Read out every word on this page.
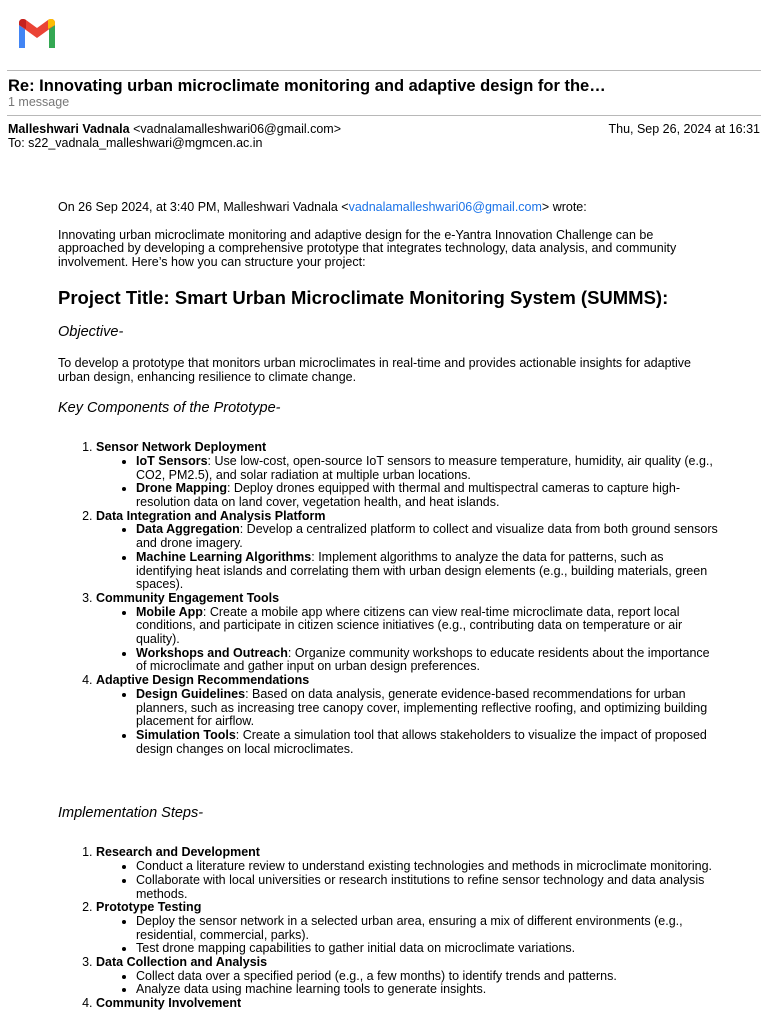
Re: Innovating urban microclimate monitoring and adaptive design for the…
1 message
Malleshwari Vadnala <vadnalamalleshwari06@gmail.com>	Thu, Sep 26, 2024 at 16:31
To: s22_vadnala_malleshwari@mgmcen.ac.in

On 26 Sep 2024, at 3:40 PM, Malleshwari Vadnala <vadnalamalleshwari06@gmail.com> wrote:

Innovating urban microclimate monitoring and adaptive design for the e-Yantra Innovation Challenge can be approached by developing a comprehensive prototype that integrates technology, data analysis, and community involvement. Here’s how you can structure your project:

Project Title: Smart Urban Microclimate Monitoring System (SUMMS):
Objective-

To develop a prototype that monitors urban microclimates in real-time and provides actionable insights for adaptive urban design, enhancing resilience to climate change.

Key Components of the Prototype-
1. Sensor Network Deployment
• IoT Sensors: Use low-cost, open-source IoT sensors to measure temperature, humidity, air quality (e.g., CO2, PM2.5), and solar radiation at multiple urban locations.
• Drone Mapping: Deploy drones equipped with thermal and multispectral cameras to capture high-resolution data on land cover, vegetation health, and heat islands.
2. Data Integration and Analysis Platform
• Data Aggregation: Develop a centralized platform to collect and visualize data from both ground sensors and drone imagery.
• Machine Learning Algorithms: Implement algorithms to analyze the data for patterns, such as identifying heat islands and correlating them with urban design elements (e.g., building materials, green spaces).
3. Community Engagement Tools
• Mobile App: Create a mobile app where citizens can view real-time microclimate data, report local conditions, and participate in citizen science initiatives (e.g., contributing data on temperature or air quality).
• Workshops and Outreach: Organize community workshops to educate residents about the importance of microclimate and gather input on urban design preferences.
4. Adaptive Design Recommendations
• Design Guidelines: Based on data analysis, generate evidence-based recommendations for urban planners, such as increasing tree canopy cover, implementing reflective roofing, and optimizing building placement for airflow.
• Simulation Tools: Create a simulation tool that allows stakeholders to visualize the impact of proposed design changes on local microclimates.
Implementation Steps-
1. Research and Development
• Conduct a literature review to understand existing technologies and methods in microclimate monitoring.
• Collaborate with local universities or research institutions to refine sensor technology and data analysis methods.
2. Prototype Testing
• Deploy the sensor network in a selected urban area, ensuring a mix of different environments (e.g., residential, commercial, parks).
• Test drone mapping capabilities to gather initial data on microclimate variations.
3. Data Collection and Analysis
• Collect data over a specified period (e.g., a few months) to identify trends and patterns.
• Analyze data using machine learning tools to generate insights.
4. Community Involvement
